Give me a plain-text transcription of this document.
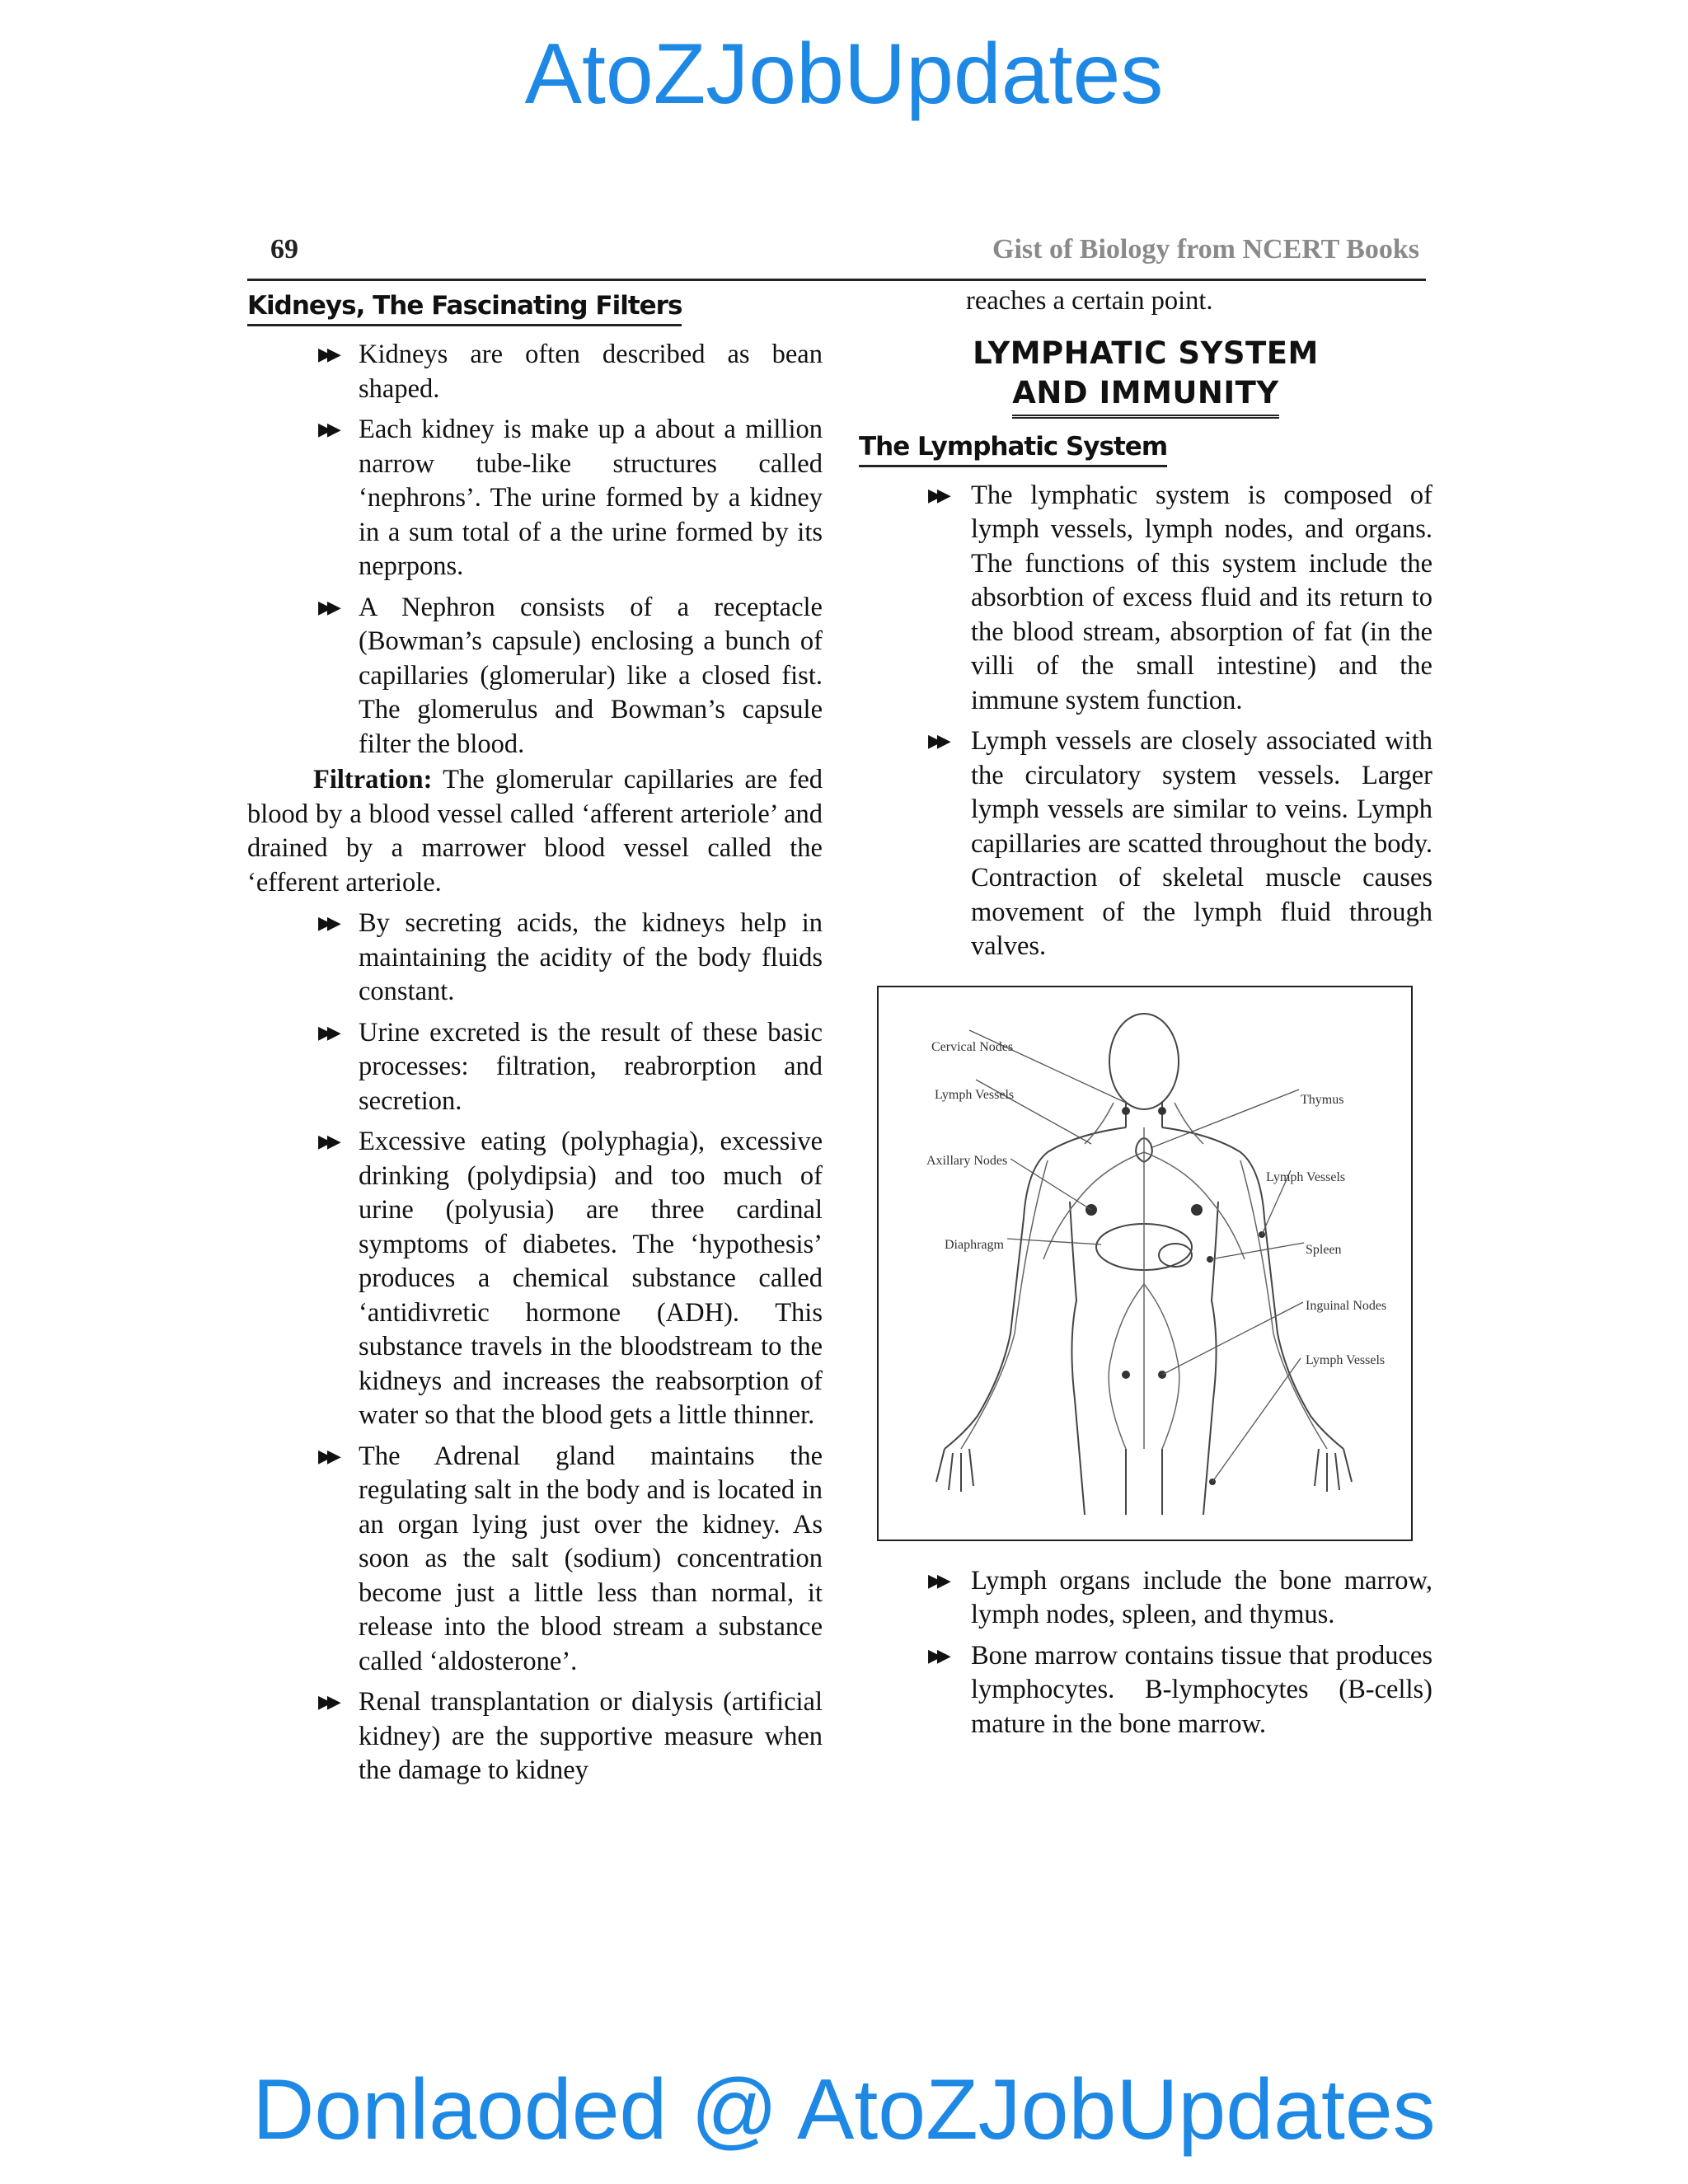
AtoZJobUpdates
69	Gist of Biology from NCERT Books
Kidneys, The Fascinating Filters
▶▶ Kidneys are often described as bean shaped.
▶▶ Each kidney is make up a about a million narrow tube-like structures called ‘nephrons’. The urine formed by a kidney in a sum total of a the urine formed by its neprpons.
▶▶ A Nephron consists of a receptacle (Bowman’s capsule) enclosing a bunch of capillaries (glomerular) like a closed fist. The glomerulus and Bowman’s capsule filter the blood.

Filtration: The glomerular capillaries are fed blood by a blood vessel called ‘afferent arteriole’ and drained by a marrower blood vessel called the ‘efferent arteriole.

▶▶ By secreting acids, the kidneys help in maintaining the acidity of the body fluids constant.
▶▶ Urine excreted is the result of these basic processes: filtration, reabrorption and secretion.
▶▶ Excessive eating (polyphagia), excessive drinking (polydipsia) and too much of urine (polyusia) are three cardinal symptoms of diabetes. The ‘hypothesis’ produces a chemical substance called ‘antidivretic hormone (ADH). This substance travels in the bloodstream to the kidneys and increases the reabsorption of water so that the blood gets a little thinner.
▶▶ The Adrenal gland maintains the regulating salt in the body and is located in an organ lying just over the kidney. As soon as the salt (sodium) concentration become just a little less than normal, it release into the blood stream a substance called ‘aldosterone’.
▶▶ Renal transplantation or dialysis (artificial kidney) are the supportive measure when the damage to kidney
reaches a certain point.
LYMPHATIC SYSTEM
AND IMMUNITY
The Lymphatic System
▶▶ The lymphatic system is composed of lymph vessels, lymph nodes, and organs. The functions of this system include the absorbtion of excess fluid and its return to the blood stream, absorption of fat (in the villi of the small intestine) and the immune system function.
▶▶ Lymph vessels are closely associated with the circulatory system vessels. Larger lymph vessels are similar to veins. Lymph capillaries are scatted throughout the body. Contraction of skeletal muscle causes movement of the lymph fluid through valves.
Cervical Nodes
Lymph Vessels
Axillary Nodes
Diaphragm
Thymus
Lymph Vessels
Spleen
Inguinal Nodes
Lymph Vessels
▶▶ Lymph organs include the bone marrow, lymph nodes, spleen, and thymus.
▶▶ Bone marrow contains tissue that produces lymphocytes. B-lymphocytes (B-cells) mature in the bone marrow.
Donlaoded @ AtoZJobUpdates
